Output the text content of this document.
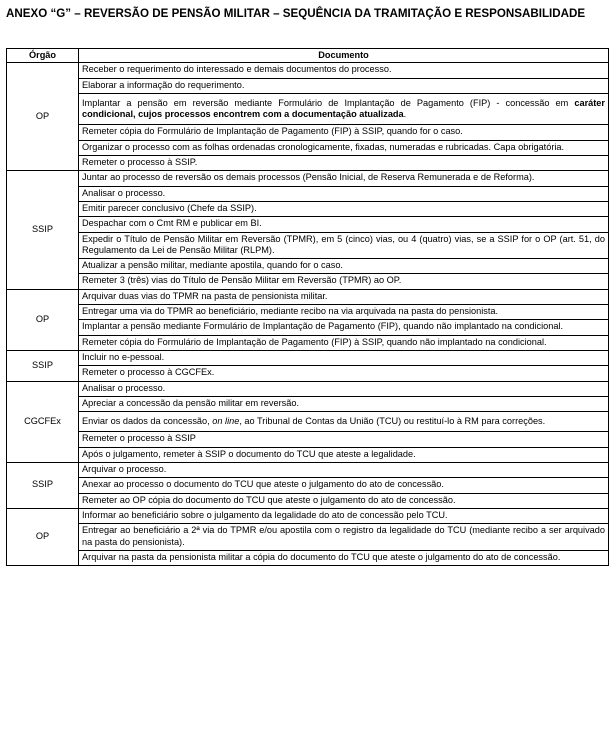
ANEXO “G” – REVERSÃO DE PENSÃO MILITAR – SEQUÊNCIA DA TRAMITAÇÃO E RESPONSABILIDADE
Órgão	Documento
OP	Receber o requerimento do interessado e demais documentos do processo.
	Elaborar a informação do requerimento.
	Implantar a pensão em reversão mediante Formulário de Implantação de Pagamento (FIP) - concessão em caráter condicional, cujos processos encontrem com a documentação atualizada.
	Remeter cópia do Formulário de Implantação de Pagamento (FIP) à SSIP, quando for o caso.
	Organizar o processo com as folhas ordenadas cronologicamente, fixadas, numeradas e rubricadas. Capa obrigatória.
	Remeter o processo à SSIP.
SSIP	Juntar ao processo de reversão os demais processos (Pensão Inicial, de Reserva Remunerada e de Reforma).
	Analisar o processo.
	Emitir parecer conclusivo (Chefe da SSIP).
	Despachar com o Cmt RM e publicar em BI.
	Expedir o Título de Pensão Militar em Reversão (TPMR), em 5 (cinco) vias, ou 4 (quatro) vias, se a SSIP for o OP (art. 51, do Regulamento da Lei de Pensão Militar (RLPM).
	Atualizar a pensão militar, mediante apostila, quando for o caso.
	Remeter 3 (três) vias do Título de Pensão Militar em Reversão (TPMR) ao OP.
OP	Arquivar duas vias do TPMR na pasta de pensionista militar.
	Entregar uma via do TPMR ao beneficiário, mediante recibo na via arquivada na pasta do pensionista.
	Implantar a pensão mediante Formulário de Implantação de Pagamento (FIP), quando não implantado na condicional.
	Remeter cópia do Formulário de Implantação de Pagamento (FIP) à SSIP, quando não implantado na condicional.
SSIP	Incluir no e-pessoal.
	Remeter o processo à CGCFEx.
CGCFEx	Analisar o processo.
	Apreciar a concessão da pensão militar em reversão.
	Enviar os dados da concessão, on line, ao Tribunal de Contas da União (TCU) ou restituí-lo à RM para correções.
	Remeter o processo à SSIP
	Após o julgamento, remeter à SSIP o documento do TCU que ateste a legalidade.
SSIP	Arquivar o processo.
	Anexar ao processo o documento do TCU que ateste o julgamento do ato de concessão.
	Remeter ao OP cópia do documento do TCU que ateste o julgamento do ato de concessão.
OP	Informar ao beneficiário sobre o julgamento da legalidade do ato de concessão pelo TCU.
	Entregar ao beneficiário a 2ª via do TPMR e/ou apostila com o registro da legalidade do TCU (mediante recibo a ser arquivado na pasta do pensionista).
	Arquivar na pasta da pensionista militar a cópia do documento do TCU que ateste o julgamento do ato de concessão.
